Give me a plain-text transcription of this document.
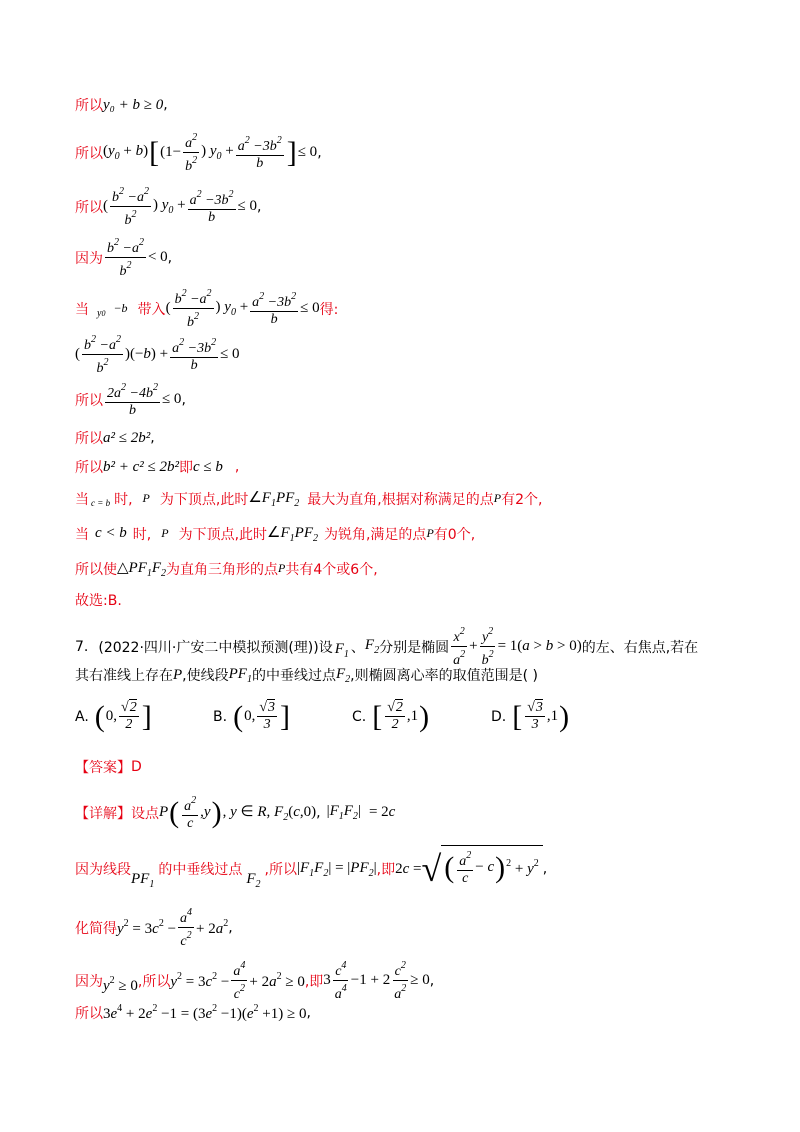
所以 y₀ + b ≥ 0 ,
所以 $(y_0 + b)$ [ ($1- \frac{a^2}{b^2}$ ) $y_0 + \frac{a^2 -3b^2}{b}$ ] ≤ 0 ,
所以 ( $\frac{b^2 -a^2}{b^2}$ ) $y_0 + \frac{a^2 -3b^2}{b} \le 0$ ,
因为 $\frac{b^2 -a^2}{b^2} < 0$ ,
当 y0 −b 带入 ( $\frac{b^2 -a^2}{b^2}$ ) $y_0 + \frac{a^2 -3b^2}{b} \le 0$ 得:
( $\frac{b^2 -a^2}{b^2} )(-b) + \frac{a^2 -3b^2}{b} \le 0$
所以 $\frac{2a^2 -4b^2}{b} \le 0$ ,
所以 a² ≤ 2b² ,
所以 b² + c² ≤ 2b² 即 c ≤ b ,
当 c = b 时, P 为下顶点,此时 $\angle F_1PF_2$ 最大为直角,根据对称满足的点 P 有2个,
当 c < b 时, P 为下顶点,此时 $\angle F_1PF_2$ 为锐角,满足的点 P 有0个,
所以使 $\triangle PF_1F_2$ 为直角三角形的点 P 共有4个或6个,
故选:B.
7. (2022·四川·广安二中模拟预测(理)) 设 $F_1$ 、 $F_2$ 分别是椭圆 $\frac{x^2}{a^2} + \frac{y^2}{b^2} = 1(a > b > 0)$ 的左、右焦点,若在
其右准线上存在 P ,使线段 $PF_1$ 的中垂线过点 $F_2$ ,则椭圆离心率的取值范围是( )
A. ( 0, $\frac{√2}{2}$ ]	B. ( 0, $\frac{√3}{3}$ ]	C. [ $\frac{√2}{2} ,1$ )	D. [ $\frac{√3}{3} ,1$ )
【答案】 D
【详解】 设点 P ( $\frac{a^2}{c} ,y$ ) , y ∈ R, $F_2(c,0)$ , $|F_1F_2| = 2c$
因为线段
$PF_1$
的中垂线过点
$F_2$
,所以 $|F_1F_2| = |PF_2|$ ,即 2c = √ ( $\frac{a^2}{c} - c$ ) $^2 + y^2$ ,
化简得 $y^2 = 3c^2 - \frac{a^4}{c^2} + 2a^2$ ,
因为 $y^2 \ge 0$ ,所以 $y^2 = 3c^2 - \frac{a^4}{c^2} + 2a^2 \ge 0$ ,即 $3 \frac{c^4}{a^4} -1 + 2 \frac{c^2}{a^2} \ge 0$ ,
所以 $3e^4 + 2e^2 -1 = (3e^2 -1)(e^2 +1) \ge 0$ ,
